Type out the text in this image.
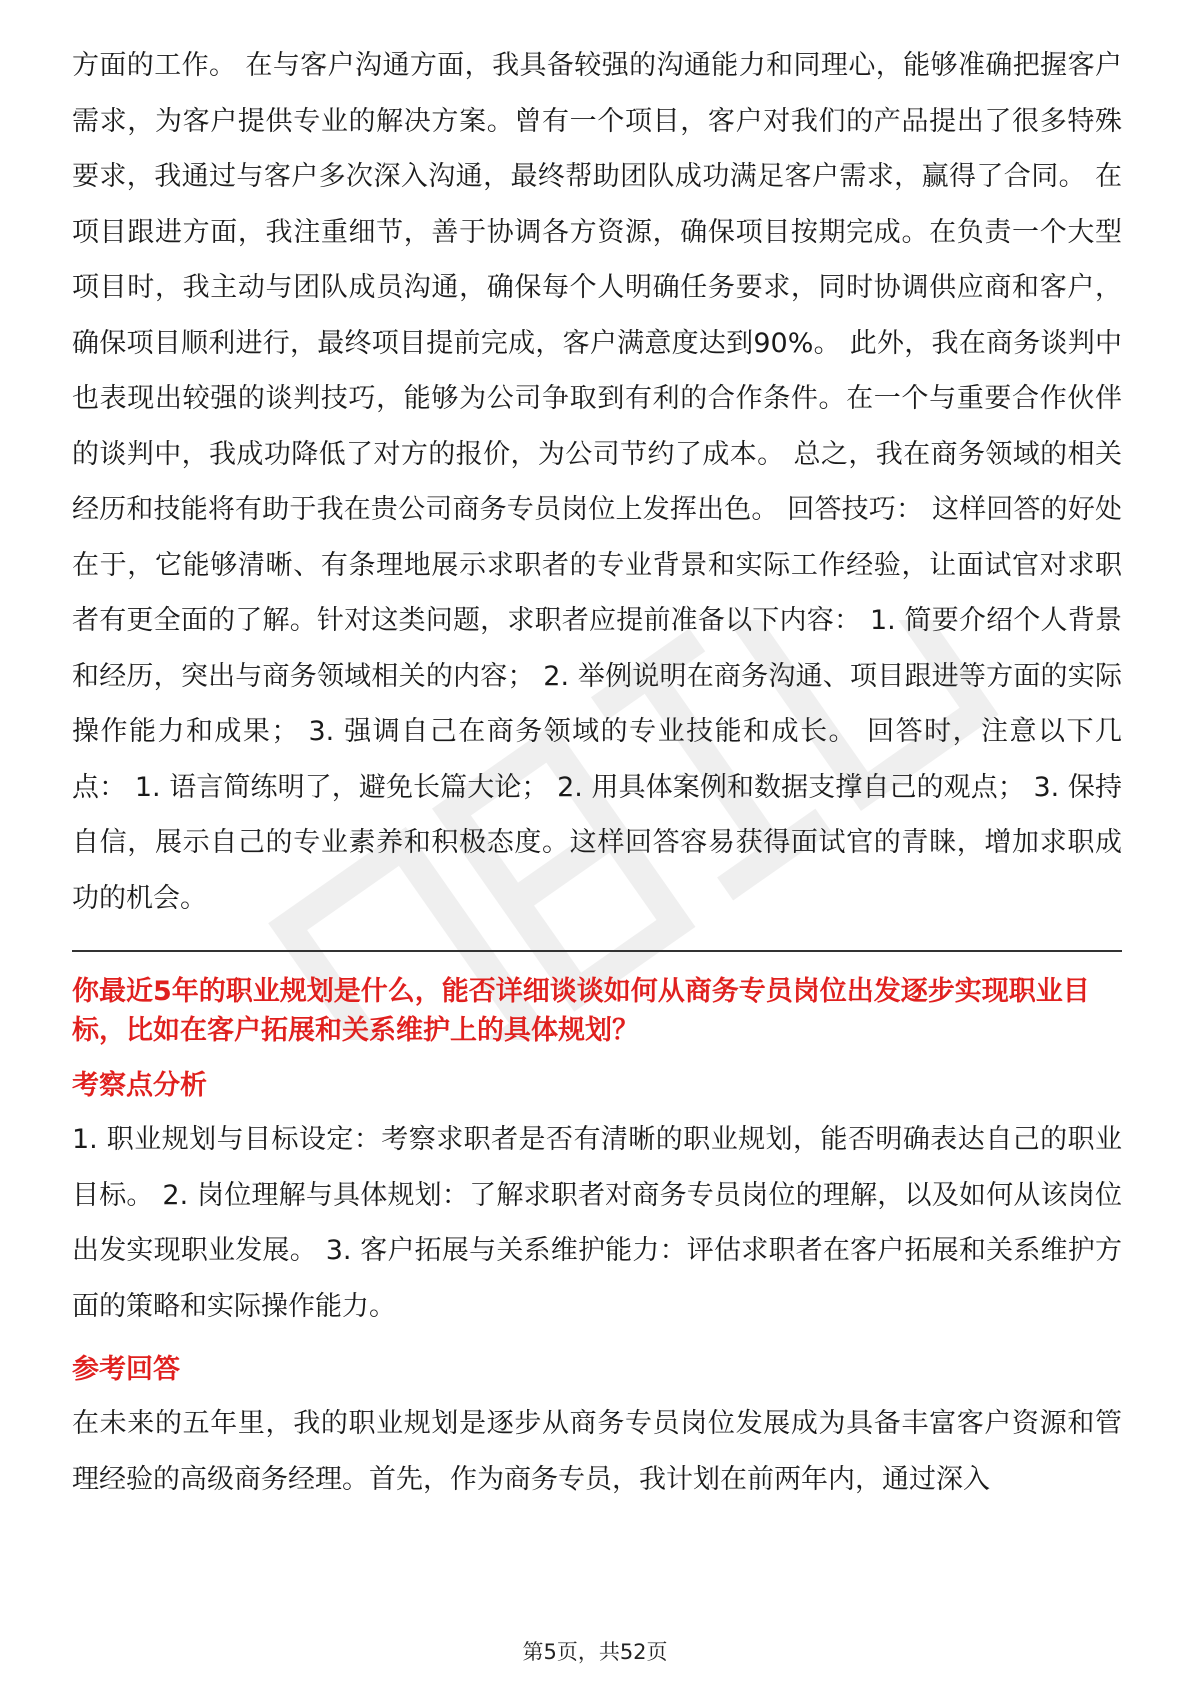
方面的工作。 在与客户沟通方面，我具备较强的沟通能力和同理心，能够准确把握客户需求，为客户提供专业的解决方案。曾有一个项目，客户对我们的产品提出了很多特殊要求，我通过与客户多次深入沟通，最终帮助团队成功满足客户需求，赢得了合同。 在项目跟进方面，我注重细节，善于协调各方资源，确保项目按期完成。在负责一个大型项目时，我主动与团队成员沟通，确保每个人明确任务要求，同时协调供应商和客户，确保项目顺利进行，最终项目提前完成，客户满意度达到90%。 此外，我在商务谈判中也表现出较强的谈判技巧，能够为公司争取到有利的合作条件。在一个与重要合作伙伴的谈判中，我成功降低了对方的报价，为公司节约了成本。 总之，我在商务领域的相关经历和技能将有助于我在贵公司商务专员岗位上发挥出色。 回答技巧： 这样回答的好处在于，它能够清晰、有条理地展示求职者的专业背景和实际工作经验，让面试官对求职者有更全面的了解。针对这类问题，求职者应提前准备以下内容： 1. 简要介绍个人背景和经历，突出与商务领域相关的内容； 2. 举例说明在商务沟通、项目跟进等方面的实际操作能力和成果； 3. 强调自己在商务领域的专业技能和成长。 回答时，注意以下几点： 1. 语言简练明了，避免长篇大论； 2. 用具体案例和数据支撑自己的观点； 3. 保持自信，展示自己的专业素养和积极态度。这样回答容易获得面试官的青睐，增加求职成功的机会。

你最近5年的职业规划是什么，能否详细谈谈如何从商务专员岗位出发逐步实现职业目标，比如在客户拓展和关系维护上的具体规划？

考察点分析

1. 职业规划与目标设定：考察求职者是否有清晰的职业规划，能否明确表达自己的职业目标。 2. 岗位理解与具体规划：了解求职者对商务专员岗位的理解，以及如何从该岗位出发实现职业发展。 3. 客户拓展与关系维护能力：评估求职者在客户拓展和关系维护方面的策略和实际操作能力。

参考回答

在未来的五年里，我的职业规划是逐步从商务专员岗位发展成为具备丰富客户资源和管理经验的高级商务经理。首先，作为商务专员，我计划在前两年内，通过深入

第5页，共52页
